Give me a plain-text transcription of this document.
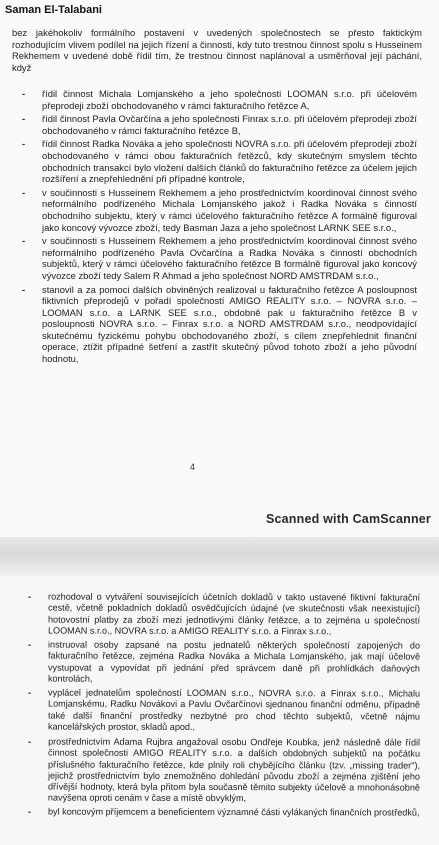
Saman El-Talabani
bez jakéhokoliv formálního postavení v uvedených společnostech se přesto faktickým rozhodujícím vlivem podílel na jejich řízení a činnosti, kdy tuto trestnou činnost spolu s Husseinem Rekhemem v uvedené době řídil tím, že trestnou činnost naplánoval a usměrňoval její páchání, když
-	řídil činnost Michala Lomjanského a jeho společnosti LOOMAN s.r.o. při účelovém přeprodeji zboží obchodovaného v rámci fakturačního řetězce A,
-	řídil činnost Pavla Ovčarčína a jeho společnosti Finrax s.r.o. při účelovém přeprodeji zboží obchodovaného v rámci fakturačního řetězce B,
-	řídil činnost Radka Nováka a jeho společnosti NOVRA s.r.o. při účelovém přeprodeji zboží obchodovaného v rámci obou fakturačních řetězců, kdy skutečným smyslem těchto obchodních transakcí bylo vložení dalších článků do fakturačního řetězce za účelem jejich rozšíření a znepřehlednění při případné kontrole,
-	v součinnosti s Husseinem Rekhemem a jeho prostřednictvím koordinoval činnost svého neformálního podřízeného Michala Lomjanského jakož i Radka Nováka s činností obchodního subjektu, který v rámci účelového fakturačního řetězce A formálně figuroval jako koncový vývozce zboží, tedy Basman Jaza a jeho společnost LARNK SEE s.r.o.,
-	v součinnosti s Husseinem Rekhemem a jeho prostřednictvím koordinoval činnost svého neformálního podřízeného Pavla Ovčarčína a Radka Nováka s činností obchodních subjektů, který v rámci účelového fakturačního řetězce B formálně figuroval jako koncový vývozce zboží tedy Salem R Ahmad a jeho společnost NORD AMSTRDAM s.r.o.,
-	stanovil a za pomoci dalších obviněných realizoval u fakturačního řetězce A posloupnost fiktivních přeprodejů v pořadí společností AMIGO REALITY s.r.o. – NOVRA s.r.o. – LOOMAN s.r.o. a LARNK SEE s.r.o., obdobně pak u fakturačního řetězce B v posloupnosti NOVRA s.r.o. – Finrax s.r.o. a NORD AMSTRDAM s.r.o., neodpovídající skutečnému fyzickému pohybu obchodovaného zboží, s cílem znepřehlednit finanční operace, ztížit případné šetření a zastřít skutečný původ tohoto zboží a jeho původní hodnotu,
4
Scanned with CamScanner
-	rozhodoval o vytváření souvisejících účetních dokladů v takto ustavené fiktivní fakturační cestě, včetně pokladních dokladů osvědčujících údajné (ve skutečnosti však neexistující) hotovostní platby za zboží mezi jednotlivými články řetězce, a to zejména u společností LOOMAN s.r.o., NOVRA s.r.o. a AMIGO REALITY s.r.o. a Finrax s.r.o.,
-	instruoval osoby zapsané na postu jednatelů některých společností zapojených do fakturačního řetězce, zejména Radka Nováka a Michala Lomjanského, jak mají účelově vystupovat a vypovídat při jednání před správcem daně při prohlídkách daňových kontrolách,
-	vyplácel jednatelům společností LOOMAN s.r.o., NOVRA s.r.o. a Finrax s.r.o., Michalu Lomjanskému, Radku Novákovi a Pavlu Ovčarčínovi sjednanou finanční odměnu, případně také další finanční prostředky nezbytné pro chod těchto subjektů, včetně nájmu kancelářských prostor, skladů apod.,
-	prostřednictvím Adama Rujbra angažoval osobu Ondřeje Koubka, jenž následně dále řídil činnost společnosti AMIGO REALITY s.r.o. a dalších obdobných subjektů na počátku příslušného fakturačního řetězce, kde plnily roli chybějícího článku (tzv. „missing trader"), jejichž prostřednictvím bylo znemožněno dohledání původu zboží a zejména zjištění jeho dřívější hodnoty, která byla přitom byla současně těmito subjekty účelově a mnohonásobně navýšena oproti cenám v čase a místě obvyklým,
-	byl koncovým příjemcem a beneficientem významné části vylákaných finančních prostředků,
